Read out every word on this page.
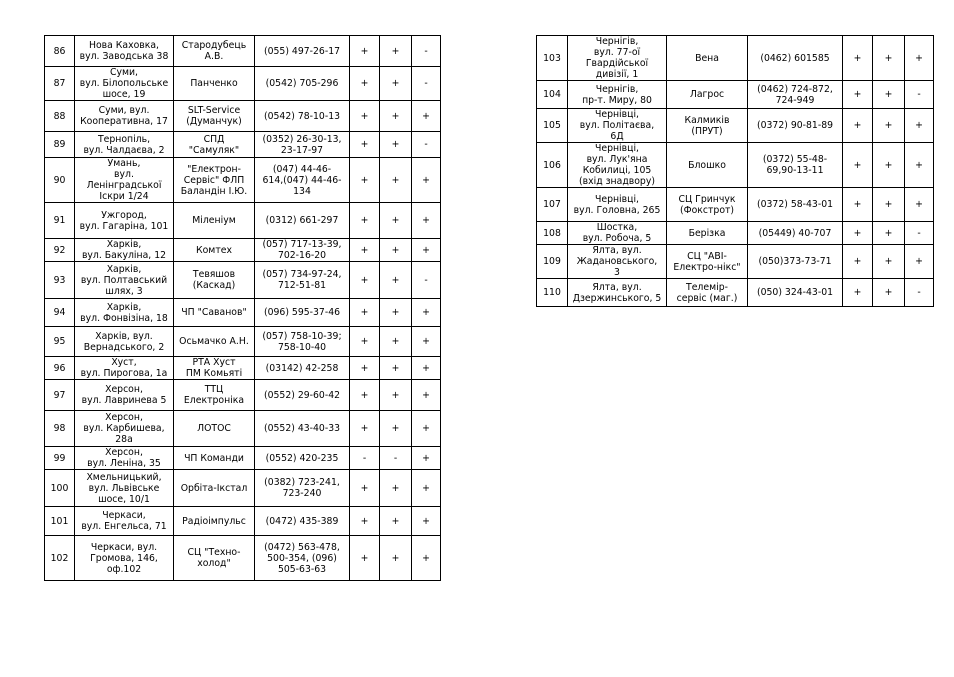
86	Нова Каховка,
вул. Заводська 38	Стародубець
А.В.	(055) 497-26-17	+	+	-
87	Суми,
вул. Білопольське
шосе, 19	Панченко	(0542) 705-296	+	+	-
88	Суми, вул.
Кооперативна, 17	SLT-Service
(Думанчук)	(0542) 78-10-13	+	+	+
89	Тернопіль,
вул. Чалдаєва, 2	СПД
"Самуляк"	(0352) 26-30-13,
23-17-97	+	+	-
90	Умань,
вул.
Ленінградської
Іскри 1/24	"Електрон-
Сервіс" ФЛП
Баландін І.Ю.	(047) 44-46-
614,(047) 44-46-
134	+	+	+
91	Ужгород,
вул. Гагаріна, 101	Міленіум	(0312) 661-297	+	+	+
92	Харків,
вул. Бакуліна, 12	Комтех	(057) 717-13-39,
702-16-20	+	+	+
93	Харків,
вул. Полтавський
шлях, 3	Тевяшов
(Каскад)	(057) 734-97-24,
712-51-81	+	+	-
94	Харків,
вул. Фонвізіна, 18	ЧП "Саванов"	(096) 595-37-46	+	+	+
95	Харків, вул.
Вернадського, 2	Осьмачко А.Н.	(057) 758-10-39;
758-10-40	+	+	+
96	Хуст,
вул. Пирогова, 1а	РТА Хуст
ПМ Комьяті	(03142) 42-258	+	+	+
97	Херсон,
вул. Лавринева 5	ТТЦ
Електроніка	(0552) 29-60-42	+	+	+
98	Херсон,
вул. Карбишева,
28а	ЛОТОС	(0552) 43-40-33	+	+	+
99	Херсон,
вул. Леніна, 35	ЧП Команди	(0552) 420-235	-	-	+
100	Хмельницький,
вул. Львівське
шосе, 10/1	Орбіта-Ікстал	(0382) 723-241,
723-240	+	+	+
101	Черкаси,
вул. Енгельса, 71	Радіоімпульс	(0472) 435-389	+	+	+
102	Черкаси, вул.
Громова, 146,
оф.102	СЦ "Техно-
холод"	(0472) 563-478,
500-354, (096)
505-63-63	+	+	+
103	Чернігів,
вул. 77-ої
Гвардійської
дивізії, 1	Вена	(0462) 601585	+	+	+
104	Чернігів,
пр-т. Миру, 80	Лагрос	(0462) 724-872,
724-949	+	+	-
105	Чернівці,
вул. Політаєва,
6Д	Калмиків
(ПРУТ)	(0372) 90-81-89	+	+	+
106	Чернівці,
вул. Лук'яна
Кобилиці, 105
(вхід знадвору)	Блошко	(0372) 55-48-
69,90-13-11	+	+	+
107	Чернівці,
вул. Головна, 265	СЦ Гринчук
(Фокстрот)	(0372) 58-43-01	+	+	+
108	Шостка,
вул. Робоча, 5	Берізка	(05449) 40-707	+	+	-
109	Ялта, вул.
Жадановського,
3	СЦ "АВІ-
Електро-нікс"	(050)373-73-71	+	+	+
110	Ялта, вул.
Дзержинського, 5	Телемір-
сервіс (маг.)	(050) 324-43-01	+	+	-
